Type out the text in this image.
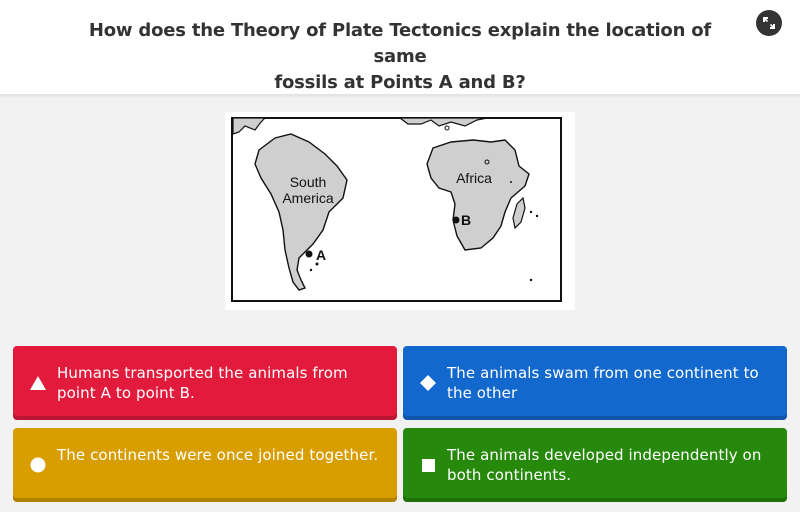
How does the Theory of Plate Tectonics explain the location of same
fossils at Points A and B?
South
America
Africa
A
B
Humans transported the animals from point A to point B.
The animals swam from one continent to the other
The continents were once joined together.	The animals developed independently on both continents.
